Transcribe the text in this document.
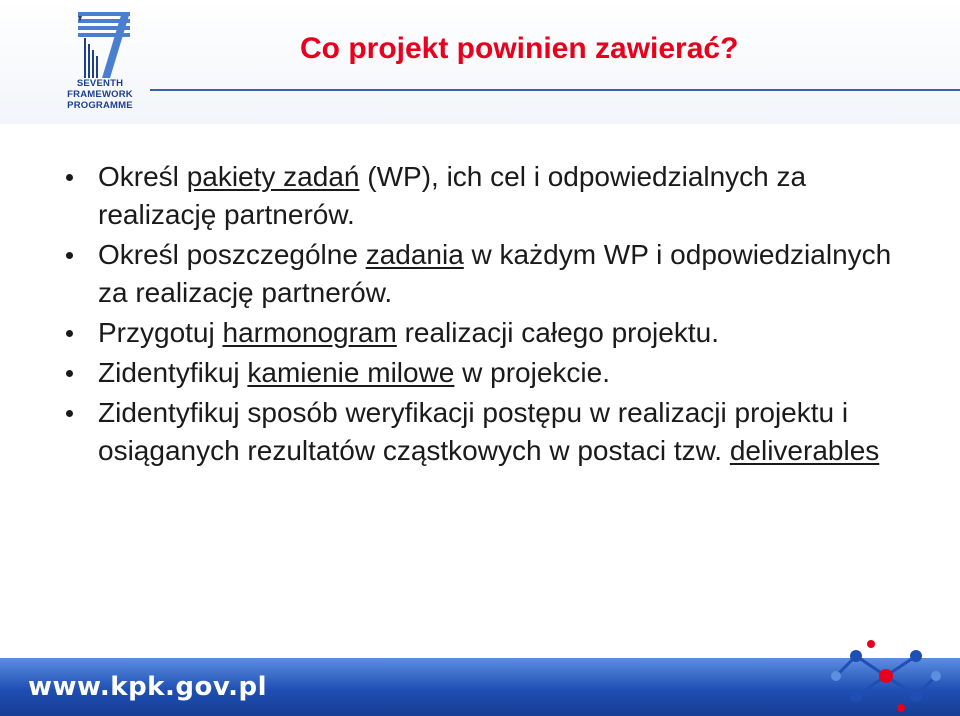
SEVENTH FRAMEWORK
PROGRAMME
Co projekt powinien zawierać?
Określ pakiety zadań (WP), ich cel i odpowiedzialnych za realizację partnerów.
Określ poszczególne zadania w każdym WP i odpowiedzialnych za realizację partnerów.
Przygotuj harmonogram realizacji całego projektu.
Zidentyfikuj kamienie milowe w projekcie.
Zidentyfikuj sposób weryfikacji postępu w realizacji projektu i osiąganych rezultatów cząstkowych w postaci tzw. deliverables
www.kpk.gov.pl
